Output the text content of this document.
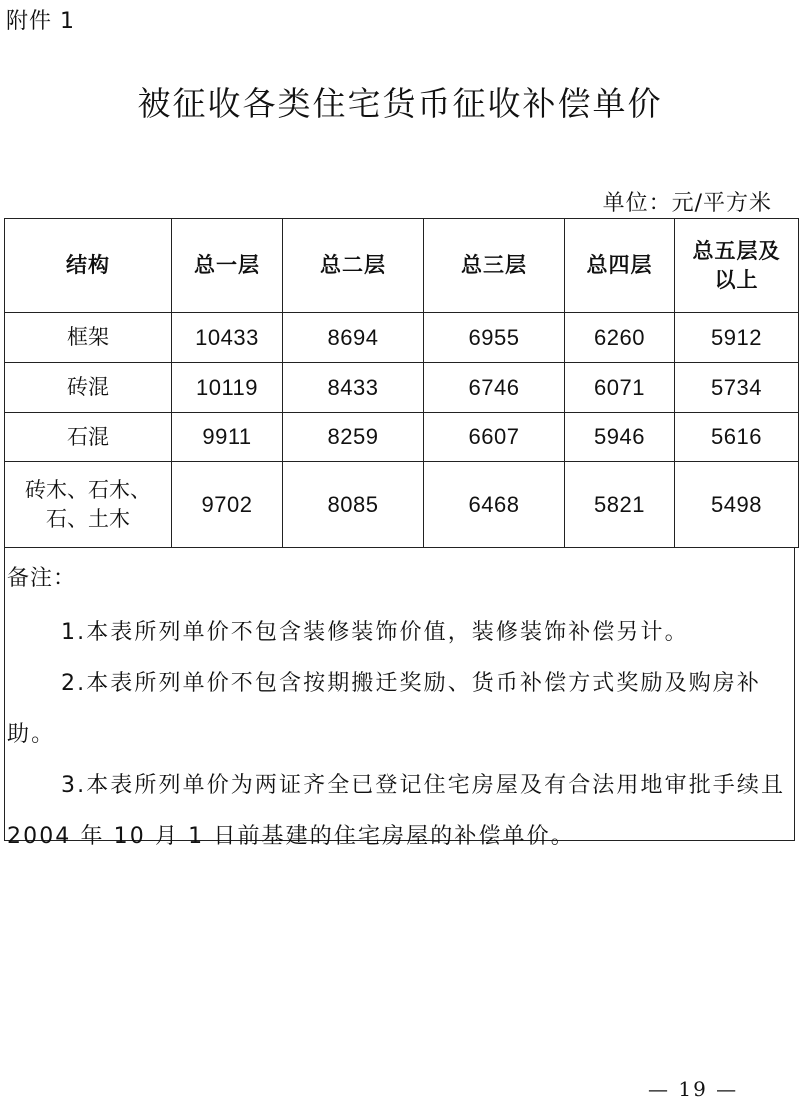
附件 1
被征收各类住宅货币征收补偿单价
单位：元/平方米
结构	总一层	总二层	总三层	总四层	总五层及
以上

框架	10433	8694	6955	6260	5912
砖混	10119	8433	6746	6071	5734
石混	9911	8259	6607	5946	5616

砖木、石木、
石、土木	9702	8085	6468	5821	5498
备注：

1.本表所列单价不包含装修装饰价值，装修装饰补偿另计。

2.本表所列单价不包含按期搬迁奖励、货币补偿方式奖励及购房补助。

3.本表所列单价为两证齐全已登记住宅房屋及有合法用地审批手续且 2004 年 10 月 1 日前基建的住宅房屋的补偿单价。

— 19 —
